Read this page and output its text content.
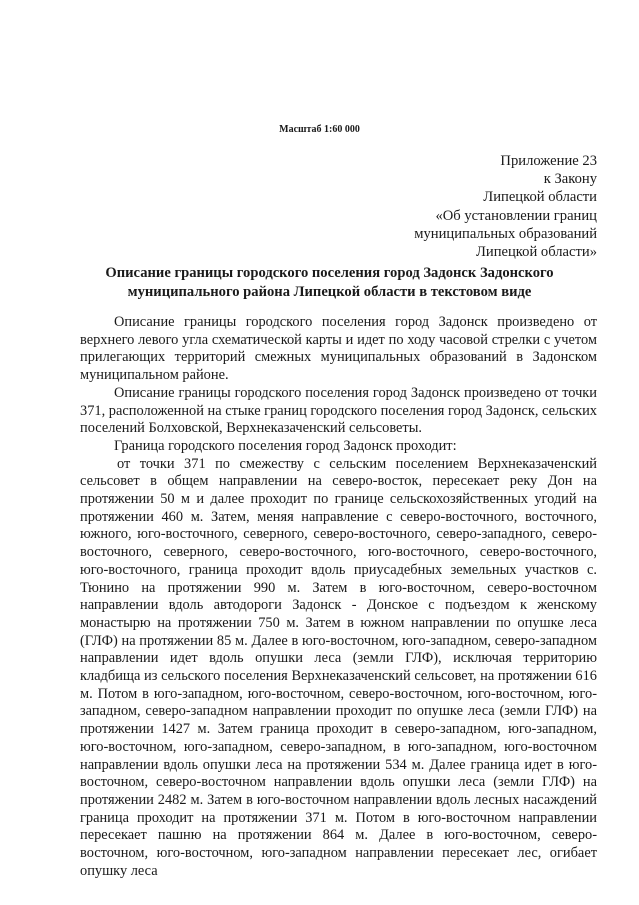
Масштаб 1:60 000
Приложение 23
к Закону
Липецкой области
«Об установлении границ
муниципальных образований
Липецкой области»
Описание границы городского поселения город Задонск Задонского
муниципального района Липецкой области в текстовом виде

Описание границы городского поселения город Задонск произведено от верхнего левого угла схематической карты и идет по ходу часовой стрелки с учетом прилегающих территорий смежных муниципальных образований в Задонском муниципальном районе.

Описание границы городского поселения город Задонск произведено от точки 371, расположенной на стыке границ городского поселения город Задонск, сельских поселений Болховской, Верхнеказаченский сельсоветы.

Граница городского поселения город Задонск проходит:

от точки 371 по смежеству с сельским поселением Верхнеказаченский сельсовет в общем направлении на северо-восток, пересекает реку Дон на протяжении 50 м и далее проходит по границе сельскохозяйственных угодий на протяжении 460 м. Затем, меняя направление с северо-восточного, восточного, южного, юго-восточного, северного, северо-восточного, северо-западного, северо-восточного, северного, северо-восточного, юго-восточного, северо-восточного, юго-восточного, граница проходит вдоль приусадебных земельных участков с. Тюнино на протяжении 990 м. Затем в юго-восточном, северо-восточном направлении вдоль автодороги Задонск - Донское с подъездом к женскому монастырю на протяжении 750 м. Затем в южном направлении по опушке леса (ГЛФ) на протяжении 85 м. Далее в юго-восточном, юго-западном, северо-западном направлении идет вдоль опушки леса (земли ГЛФ), исключая территорию кладбища из сельского поселения Верхнеказаченский сельсовет, на протяжении 616 м. Потом в юго-западном, юго-восточном, северо-восточном, юго-восточном, юго-западном, северо-западном направлении проходит по опушке леса (земли ГЛФ) на протяжении 1427 м. Затем граница проходит в северо-западном, юго-западном, юго-восточном, юго-западном, северо-западном, в юго-западном, юго-восточном направлении вдоль опушки леса на протяжении 534 м. Далее граница идет в юго-восточном, северо-восточном направлении вдоль опушки леса (земли ГЛФ) на протяжении 2482 м. Затем в юго-восточном направлении вдоль лесных насаждений граница проходит на протяжении 371 м. Потом в юго-восточном направлении пересекает пашню на протяжении 864 м. Далее в юго-восточном, северо-восточном, юго-восточном, юго-западном направлении пересекает лес, огибает опушку леса
